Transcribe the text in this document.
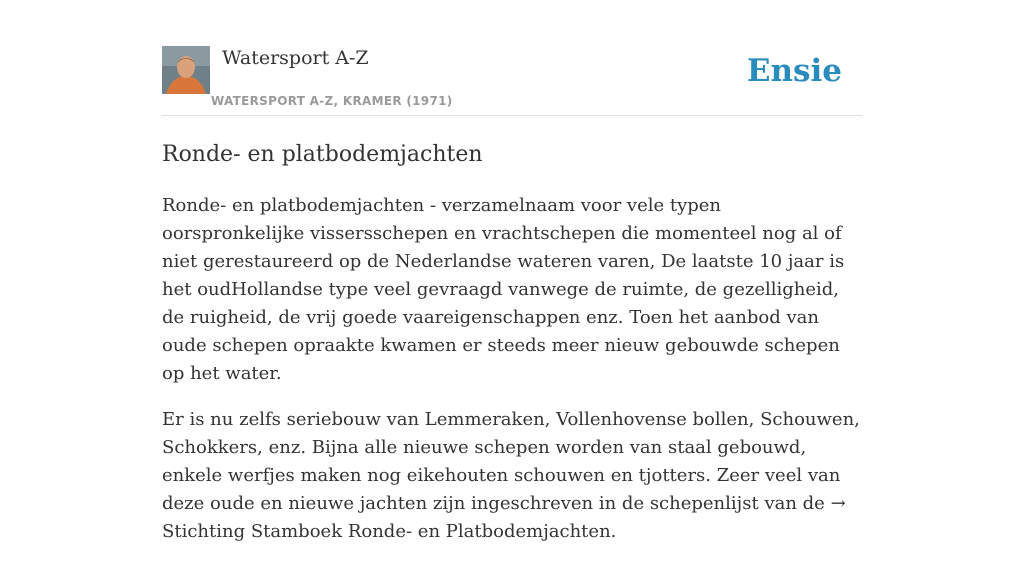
Watersport A-Z
WATERSPORT A-Z, KRAMER (1971)
Ensie
Ronde- en platbodemjachten

Ronde- en platbodemjachten - verzamelnaam voor vele typen oorspronkelijke vissersschepen en vrachtschepen die momenteel nog al of niet gerestaureerd op de Nederlandse wateren varen, De laatste 10 jaar is het oudHollandse type veel gevraagd vanwege de ruimte, de gezelligheid, de ruigheid, de vrij goede vaareigenschappen enz. Toen het aanbod van oude schepen opraakte kwamen er steeds meer nieuw gebouwde schepen op het water.

Er is nu zelfs seriebouw van Lemmeraken, Vollenhovense bollen, Schouwen, Schokkers, enz. Bijna alle nieuwe schepen worden van staal gebouwd, enkele werfjes maken nog eikehouten schouwen en tjotters. Zeer veel van deze oude en nieuwe jachten zijn ingeschreven in de schepenlijst van de → Stichting Stamboek Ronde- en Platbodemjachten.
